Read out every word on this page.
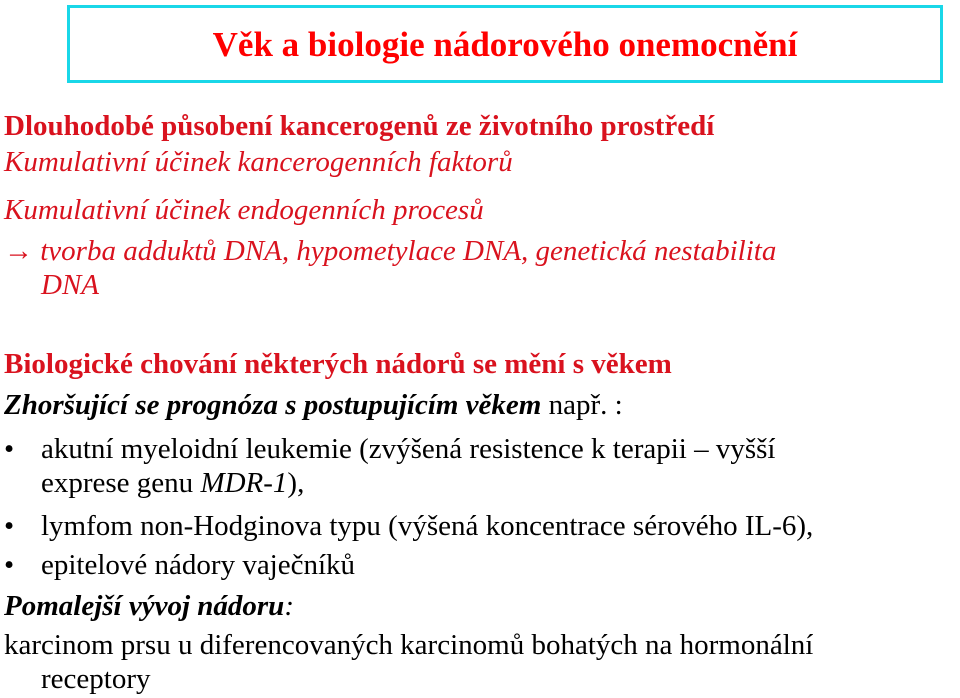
Věk a biologie nádorového onemocnění
Dlouhodobé působení kancerogenů ze životního prostředí
Kumulativní účinek kancerogenních faktorů
Kumulativní účinek endogenních procesů
→ tvorba adduktů DNA, hypometylace DNA, genetická nestabilita
DNA
Biologické chování některých nádorů se mění s věkem
Zhoršující se prognóza s postupujícím věkem např. :
• akutní myeloidní leukemie (zvýšená resistence k terapii – vyšší
exprese genu MDR-1),
• lymfom non-Hodginova typu (výšená koncentrace sérového IL-6),
• epitelové nádory vaječníků
Pomalejší vývoj nádoru:
karcinom prsu u diferencovaných karcinomů bohatých na hormonální
receptory
